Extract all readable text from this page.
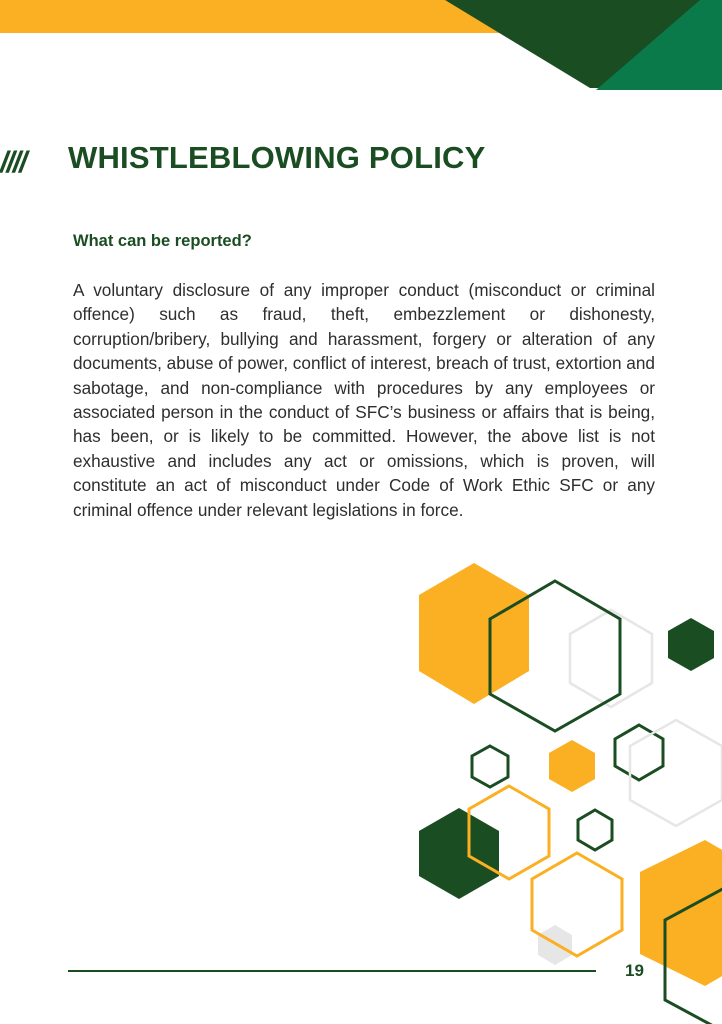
//// WHISTLEBLOWING POLICY
What can be reported?

A voluntary disclosure of any improper conduct (misconduct or criminal offence) such as fraud, theft, embezzlement or dishonesty, corruption/bribery, bullying and harassment, forgery or alteration of any documents, abuse of power, conflict of interest, breach of trust, extortion and sabotage, and non-compliance with procedures by any employees or associated person in the conduct of SFC’s business or affairs that is being, has been, or is likely to be committed. However, the above list is not exhaustive and includes any act or omissions, which is proven, will constitute an act of misconduct under Code of Work Ethic SFC or any criminal offence under relevant legislations in force.

19
